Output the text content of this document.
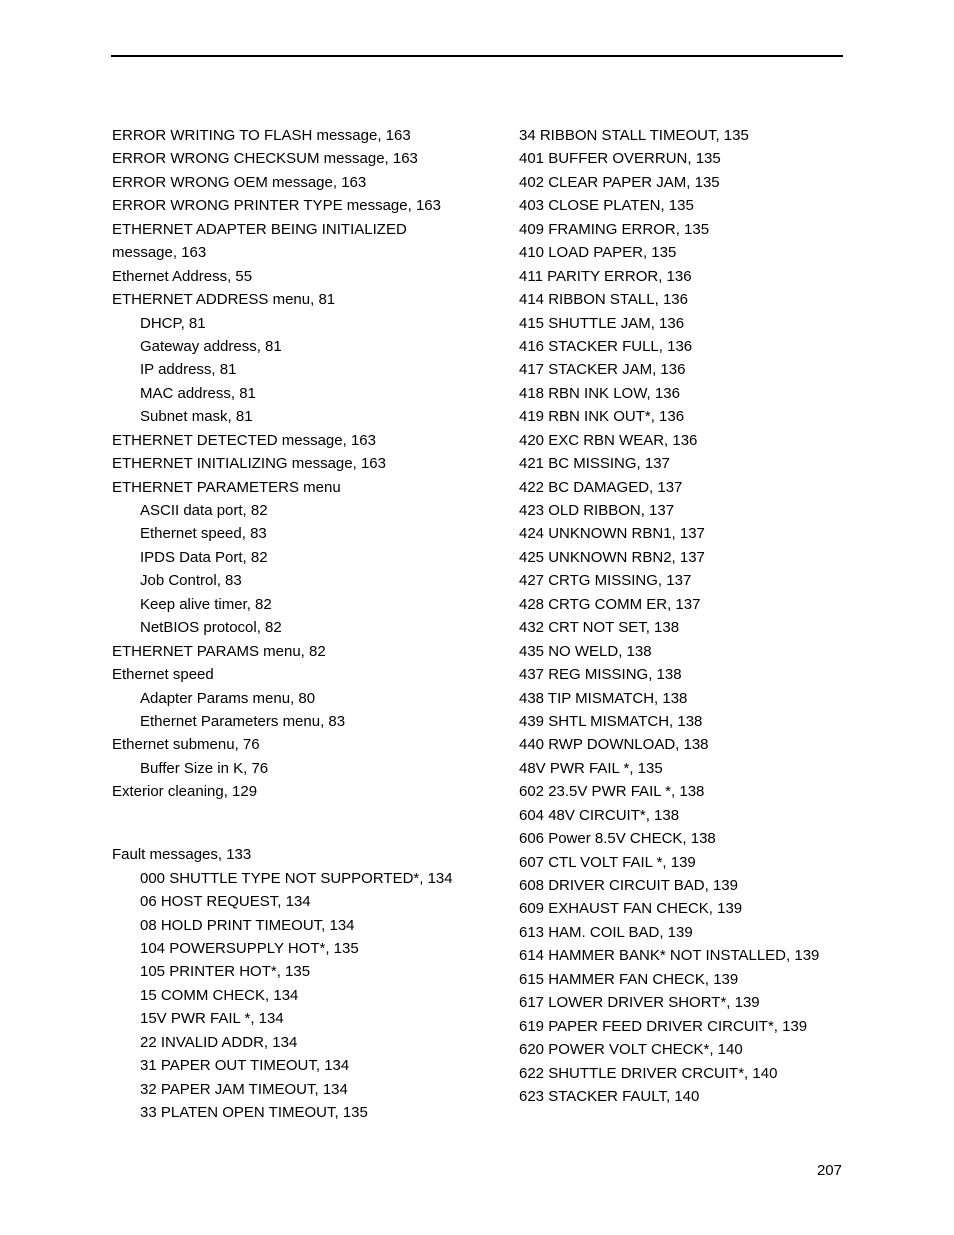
ERROR WRITING TO FLASH message, 163
ERROR WRONG CHECKSUM message, 163
ERROR WRONG OEM message, 163
ERROR WRONG PRINTER TYPE message, 163
ETHERNET ADAPTER BEING INITIALIZED
message, 163
Ethernet Address, 55
ETHERNET ADDRESS menu, 81
DHCP, 81
Gateway address, 81
IP address, 81
MAC address, 81
Subnet mask, 81
ETHERNET DETECTED message, 163
ETHERNET INITIALIZING message, 163
ETHERNET PARAMETERS menu
ASCII data port, 82
Ethernet speed, 83
IPDS Data Port, 82
Job Control, 83
Keep alive timer, 82
NetBIOS protocol, 82
ETHERNET PARAMS menu, 82
Ethernet speed
Adapter Params menu, 80
Ethernet Parameters menu, 83
Ethernet submenu, 76
Buffer Size in K, 76
Exterior cleaning, 129
Fault messages, 133
000 SHUTTLE TYPE NOT SUPPORTED*, 134
06 HOST REQUEST, 134
08 HOLD PRINT TIMEOUT, 134
104 POWERSUPPLY HOT*, 135
105 PRINTER HOT*, 135
15 COMM CHECK, 134
15V PWR FAIL *, 134
22 INVALID ADDR, 134
31 PAPER OUT TIMEOUT, 134
32 PAPER JAM TIMEOUT, 134
33 PLATEN OPEN TIMEOUT, 135
34 RIBBON STALL TIMEOUT, 135
401 BUFFER OVERRUN, 135
402 CLEAR PAPER JAM, 135
403 CLOSE PLATEN, 135
409 FRAMING ERROR, 135
410 LOAD PAPER, 135
411 PARITY ERROR, 136
414 RIBBON STALL, 136
415 SHUTTLE JAM, 136
416 STACKER FULL, 136
417 STACKER JAM, 136
418 RBN INK LOW, 136
419 RBN INK OUT*, 136
420 EXC RBN WEAR, 136
421 BC MISSING, 137
422 BC DAMAGED, 137
423 OLD RIBBON, 137
424 UNKNOWN RBN1, 137
425 UNKNOWN RBN2, 137
427 CRTG MISSING, 137
428 CRTG COMM ER, 137
432 CRT NOT SET, 138
435 NO WELD, 138
437 REG MISSING, 138
438 TIP MISMATCH, 138
439 SHTL MISMATCH, 138
440 RWP DOWNLOAD, 138
48V PWR FAIL *, 135
602 23.5V PWR FAIL *, 138
604 48V CIRCUIT*, 138
606 Power 8.5V CHECK, 138
607 CTL VOLT FAIL *, 139
608 DRIVER CIRCUIT BAD, 139
609 EXHAUST FAN CHECK, 139
613 HAM. COIL BAD, 139
614 HAMMER BANK* NOT INSTALLED, 139
615 HAMMER FAN CHECK, 139
617 LOWER DRIVER SHORT*, 139
619 PAPER FEED DRIVER CIRCUIT*, 139
620 POWER VOLT CHECK*, 140
622 SHUTTLE DRIVER CRCUIT*, 140
623 STACKER FAULT, 140
207
